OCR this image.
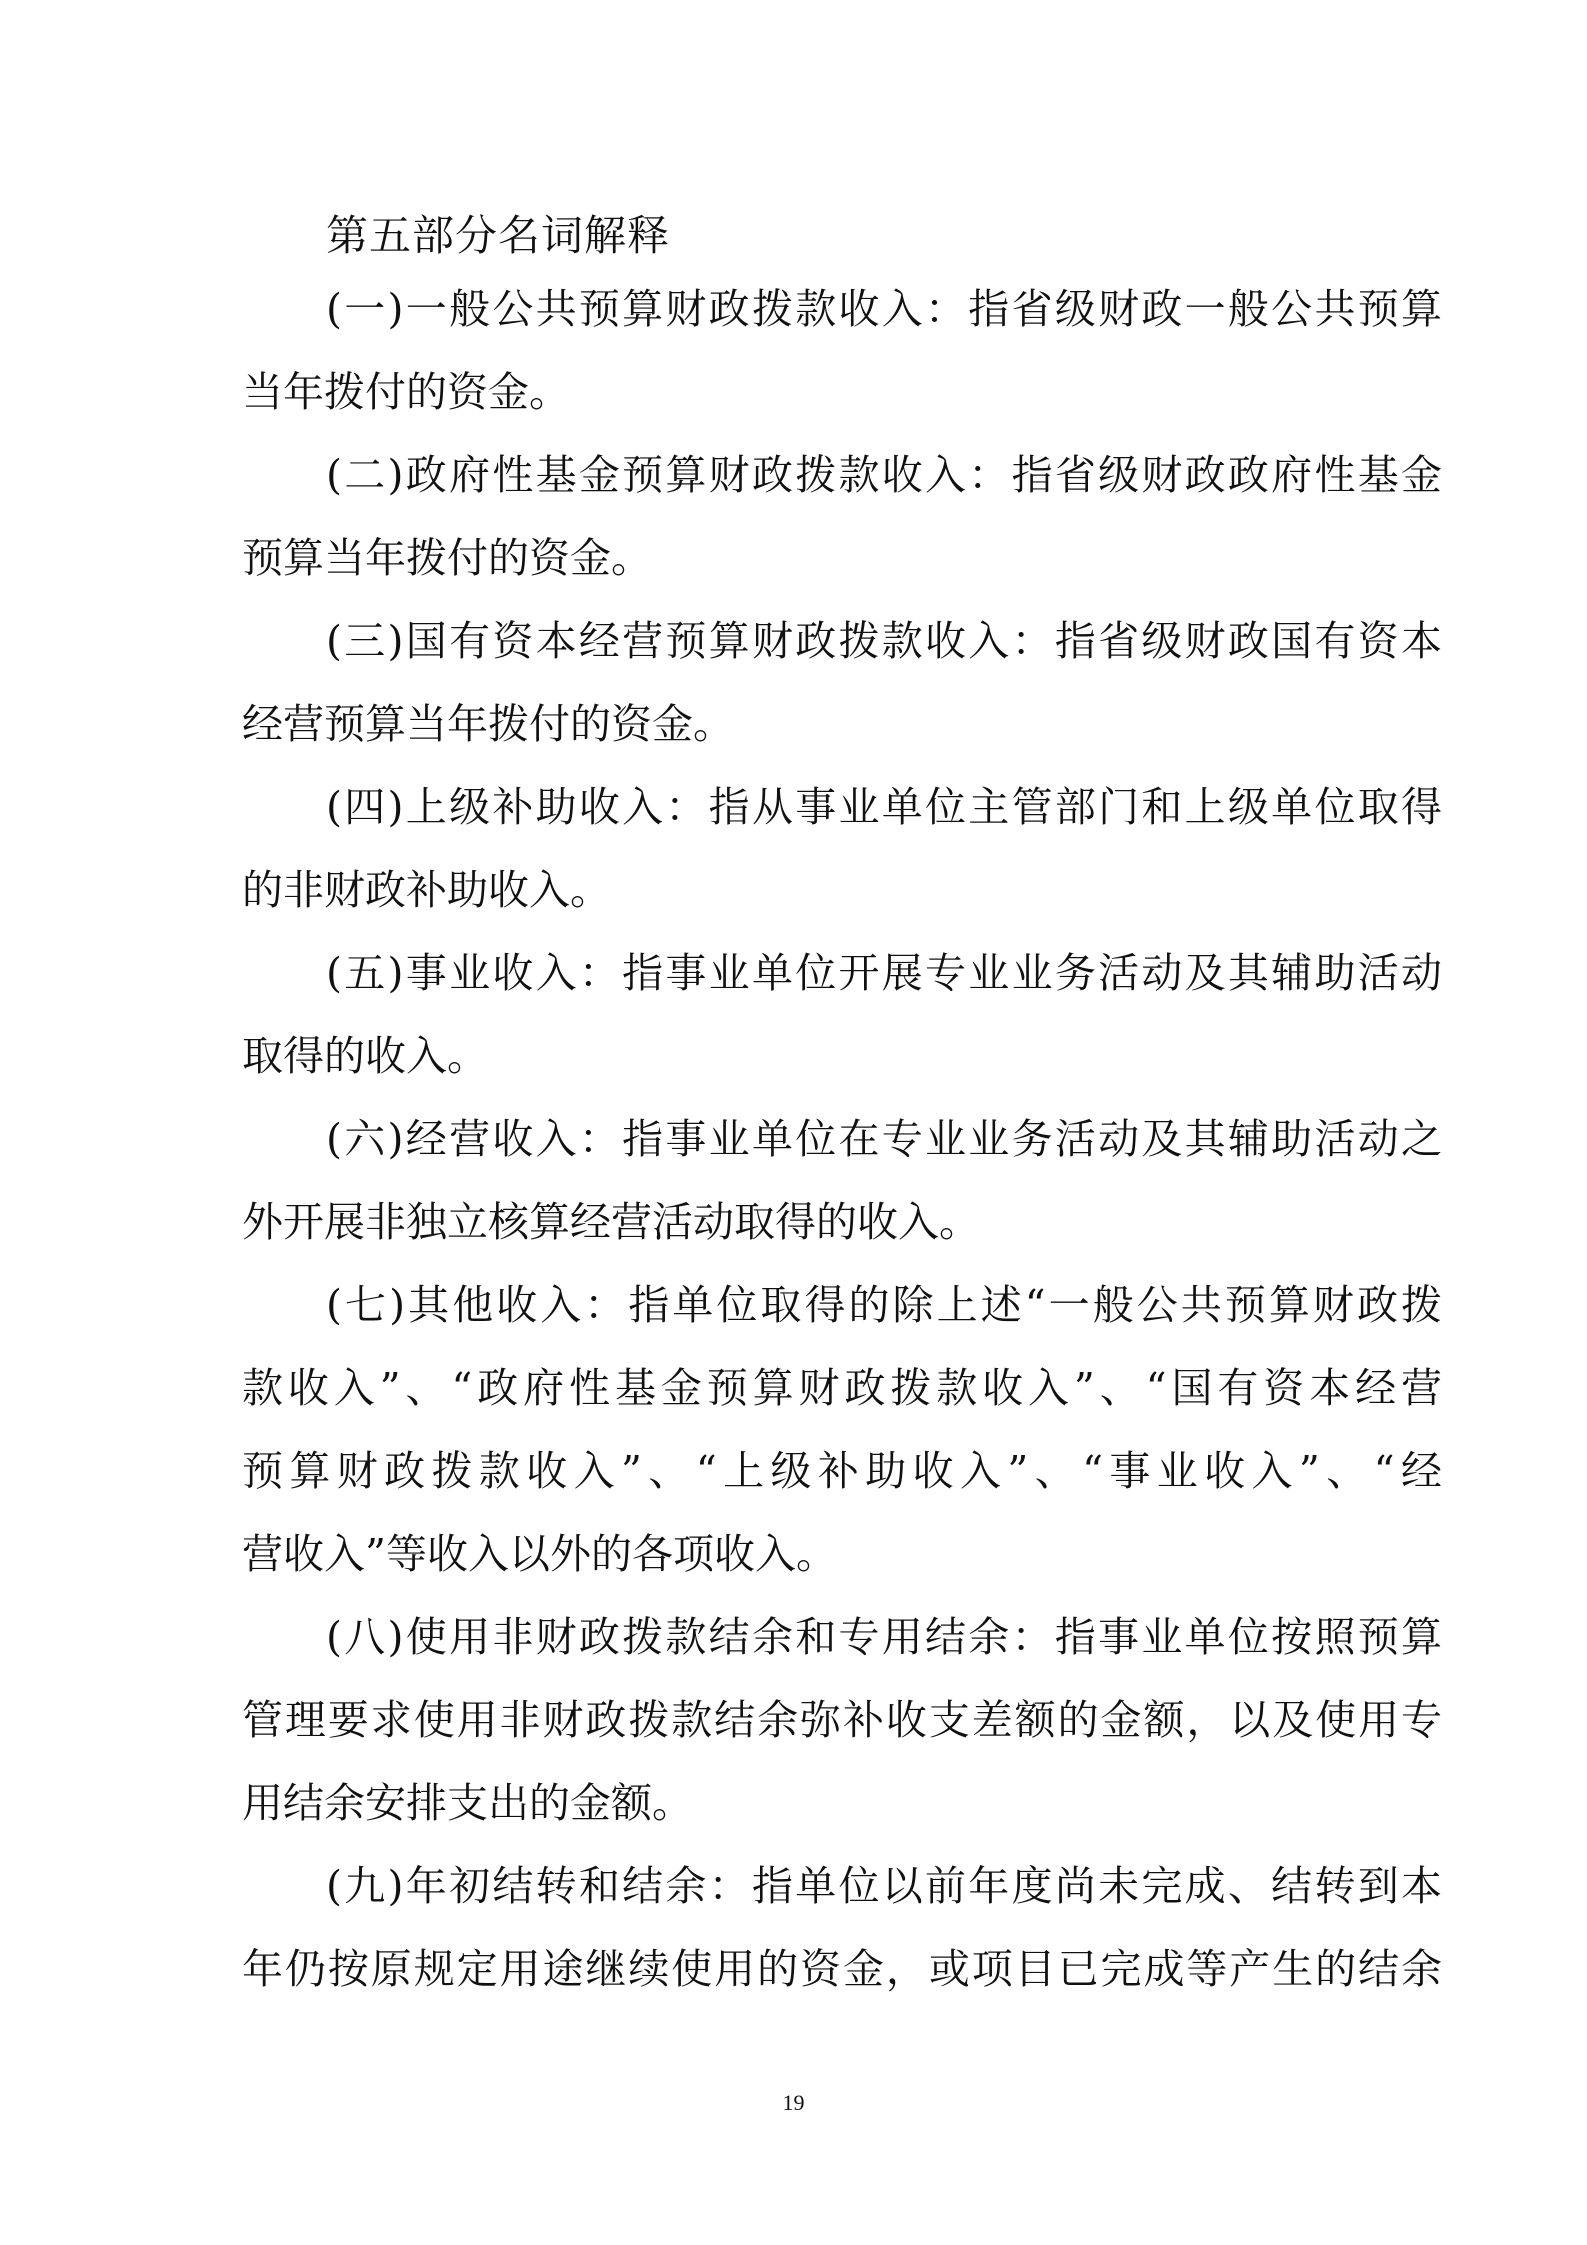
第五部分名词解释
(一)一般公共预算财政拨款收入：指省级财政一般公共预算
当年拨付的资金。
(二)政府性基金预算财政拨款收入：指省级财政政府性基金
预算当年拨付的资金。
(三)国有资本经营预算财政拨款收入：指省级财政国有资本
经营预算当年拨付的资金。
(四)上级补助收入：指从事业单位主管部门和上级单位取得
的非财政补助收入。
(五)事业收入：指事业单位开展专业业务活动及其辅助活动
取得的收入。
(六)经营收入：指事业单位在专业业务活动及其辅助活动之
外开展非独立核算经营活动取得的收入。
(七)其他收入：指单位取得的除上述“一般公共预算财政拨
款收入”、“政府性基金预算财政拨款收入”、“国有资本经营
预算财政拨款收入”、“上级补助收入”、“事业收入”、“经
营收入”等收入以外的各项收入。
(八)使用非财政拨款结余和专用结余：指事业单位按照预算
管理要求使用非财政拨款结余弥补收支差额的金额，以及使用专
用结余安排支出的金额。
(九)年初结转和结余：指单位以前年度尚未完成、结转到本
年仍按原规定用途继续使用的资金，或项目已完成等产生的结余
19
